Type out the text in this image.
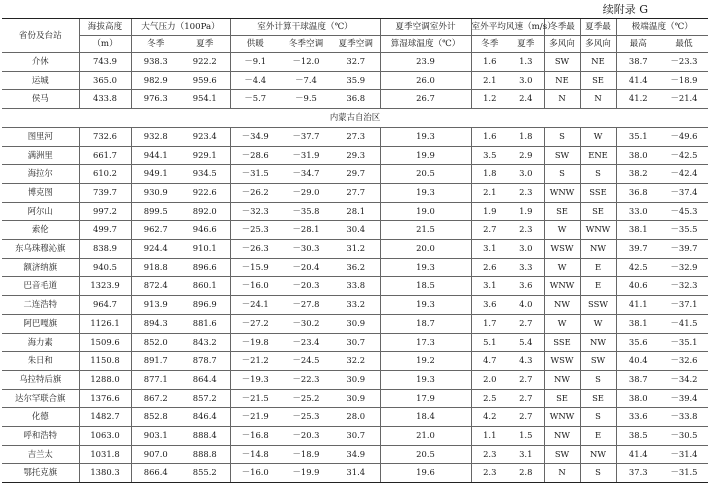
续附录 G
省份及台站	海拔高度	大气压力（100Pa）		室外计算干球温度（℃）			夏季空调室外计	室外平均风速（m/s）		冬季最	夏季最	极端温度（℃）	
	（m）	冬季	夏季	供暖	冬季空调	夏季空调	算湿球温度（℃）	冬季	夏季	多风向	多风向	最高	最低
介休	743.9	938.3	922.2	－9.1	－12.0	32.7	23.9	1.6	1.3	SW	NE	38.7	－23.3
运城	365.0	982.9	959.6	－4.4	－7.4	35.9	26.0	2.1	3.0	NE	SE	41.4	－18.9
侯马	433.8	976.3	954.1	－5.7	－9.5	36.8	26.7	1.2	2.4	N	N	41.2	－21.4
内蒙古自治区													
图里河	732.6	932.8	923.4	－34.9	－37.7	27.3	19.3	1.6	1.8	S	W	35.1	－49.6
满洲里	661.7	944.1	929.1	－28.6	－31.9	29.3	19.9	3.5	2.9	SW	ENE	38.0	－42.5
海拉尔	610.2	949.1	934.5	－31.5	－34.7	29.7	20.5	1.8	3.0	S	S	38.2	－42.4
博克图	739.7	930.9	922.6	－26.2	－29.0	27.7	19.3	2.1	2.3	WNW	SSE	36.8	－37.4
阿尔山	997.2	899.5	892.0	－32.3	－35.8	28.1	19.0	1.9	1.9	SE	SE	33.0	－45.3
索伦	499.7	962.7	946.6	－25.3	－28.1	30.4	21.5	2.7	2.3	W	WNW	38.1	－35.5
东乌珠穆沁旗	838.9	924.4	910.1	－26.3	－30.3	31.2	20.0	3.1	3.0	WSW	NW	39.7	－39.7
额济纳旗	940.5	918.8	896.6	－15.9	－20.4	36.2	19.3	2.6	3.3	W	E	42.5	－32.9
巴音毛道	1323.9	872.4	860.1	－16.0	－20.3	33.8	18.5	3.1	3.6	WNW	E	40.6	－32.3
二连浩特	964.7	913.9	896.9	－24.1	－27.8	33.2	19.3	3.6	4.0	NW	SSW	41.1	－37.1
阿巴嘎旗	1126.1	894.3	881.6	－27.2	－30.2	30.9	18.7	1.7	2.7	W	W	38.1	－41.5
海力素	1509.6	852.0	843.2	－19.8	－23.4	30.7	17.3	5.1	5.4	SSE	NW	35.6	－35.1
朱日和	1150.8	891.7	878.7	－21.2	－24.5	32.2	19.2	4.7	4.3	WSW	SW	40.4	－32.6
乌拉特后旗	1288.0	877.1	864.4	－19.3	－22.3	30.9	19.3	2.0	2.7	NW	S	38.7	－34.2
达尔罕联合旗	1376.6	867.2	857.2	－21.5	－25.2	30.9	17.9	2.5	2.7	SE	SE	38.0	－39.4
化德	1482.7	852.8	846.4	－21.9	－25.3	28.0	18.4	4.2	2.7	WNW	S	33.6	－33.8
呼和浩特	1063.0	903.1	888.4	－16.8	－20.3	30.7	21.0	1.1	1.5	NW	E	38.5	－30.5
吉兰太	1031.8	907.0	888.8	－14.8	－18.9	34.9	20.5	2.3	3.1	SW	NW	41.4	－31.4
鄂托克旗	1380.3	866.4	855.2	－16.0	－19.9	31.4	19.6	2.3	2.8	N	S	37.3	－31.5
